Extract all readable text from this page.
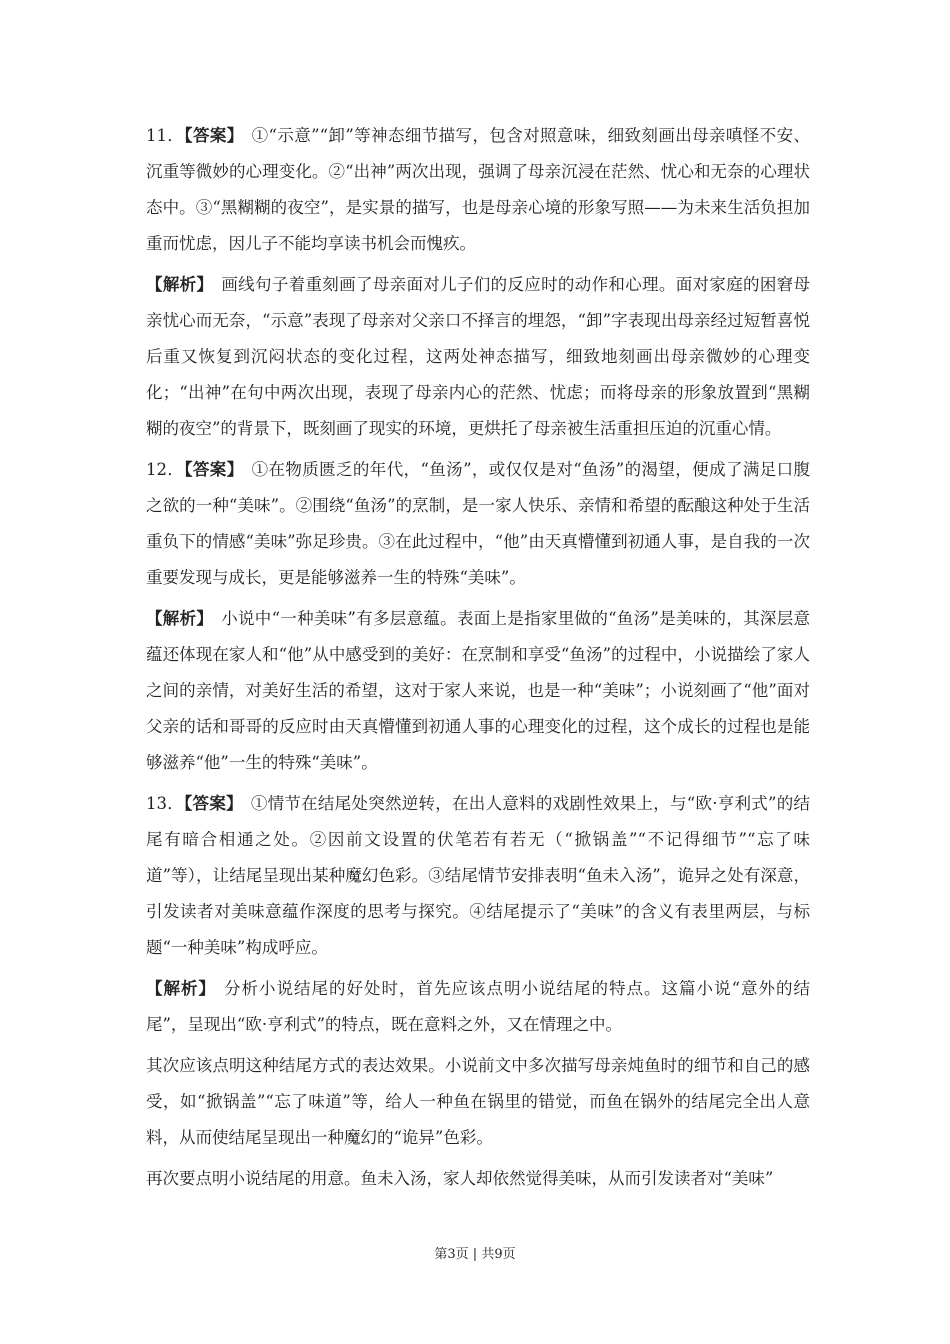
11．【答案】 ①“示意”“卸”等神态细节描写，包含对照意味，细致刻画出母亲嗔怪不安、沉重等微妙的心理变化。②“出神”两次出现，强调了母亲沉浸在茫然、忧心和无奈的心理状态中。③“黑糊糊的夜空”，是实景的描写，也是母亲心境的形象写照——为未来生活负担加重而忧虑，因儿子不能均享读书机会而愧疚。

【解析】 画线句子着重刻画了母亲面对儿子们的反应时的动作和心理。面对家庭的困窘母亲忧心而无奈，“示意”表现了母亲对父亲口不择言的埋怨，“卸”字表现出母亲经过短暂喜悦后重又恢复到沉闷状态的变化过程，这两处神态描写，细致地刻画出母亲微妙的心理变化；“出神”在句中两次出现，表现了母亲内心的茫然、忧虑；而将母亲的形象放置到“黑糊糊的夜空”的背景下，既刻画了现实的环境，更烘托了母亲被生活重担压迫的沉重心情。

12．【答案】 ①在物质匮乏的年代，“鱼汤”，或仅仅是对“鱼汤”的渴望，便成了满足口腹之欲的一种“美味”。②围绕“鱼汤”的烹制，是一家人快乐、亲情和希望的酝酿这种处于生活重负下的情感“美味”弥足珍贵。③在此过程中，“他”由天真懵懂到初通人事，是自我的一次重要发现与成长，更是能够滋养一生的特殊“美味”。

【解析】 小说中“一种美味”有多层意蕴。表面上是指家里做的“鱼汤”是美味的，其深层意蕴还体现在家人和“他”从中感受到的美好：在烹制和享受“鱼汤”的过程中，小说描绘了家人之间的亲情，对美好生活的希望，这对于家人来说，也是一种“美味”；小说刻画了“他”面对父亲的话和哥哥的反应时由天真懵懂到初通人事的心理变化的过程，这个成长的过程也是能够滋养“他”一生的特殊“美味”。

13．【答案】 ①情节在结尾处突然逆转，在出人意料的戏剧性效果上，与“欧·亨利式”的结尾有暗合相通之处。②因前文设置的伏笔若有若无（“掀锅盖”“不记得细节”“忘了味道”等），让结尾呈现出某种魔幻色彩。③结尾情节安排表明“鱼未入汤”，诡异之处有深意，引发读者对美味意蕴作深度的思考与探究。④结尾提示了“美味”的含义有表里两层，与标题“一种美味”构成呼应。

【解析】 分析小说结尾的好处时，首先应该点明小说结尾的特点。这篇小说“意外的结尾”，呈现出“欧·亨利式”的特点，既在意料之外，又在情理之中。

其次应该点明这种结尾方式的表达效果。小说前文中多次描写母亲炖鱼时的细节和自己的感受，如“掀锅盖”“忘了味道”等，给人一种鱼在锅里的错觉，而鱼在锅外的结尾完全出人意料，从而使结尾呈现出一种魔幻的“诡异”色彩。

再次要点明小说结尾的用意。鱼未入汤，家人却依然觉得美味，从而引发读者对“美味”

第3页 | 共9页
